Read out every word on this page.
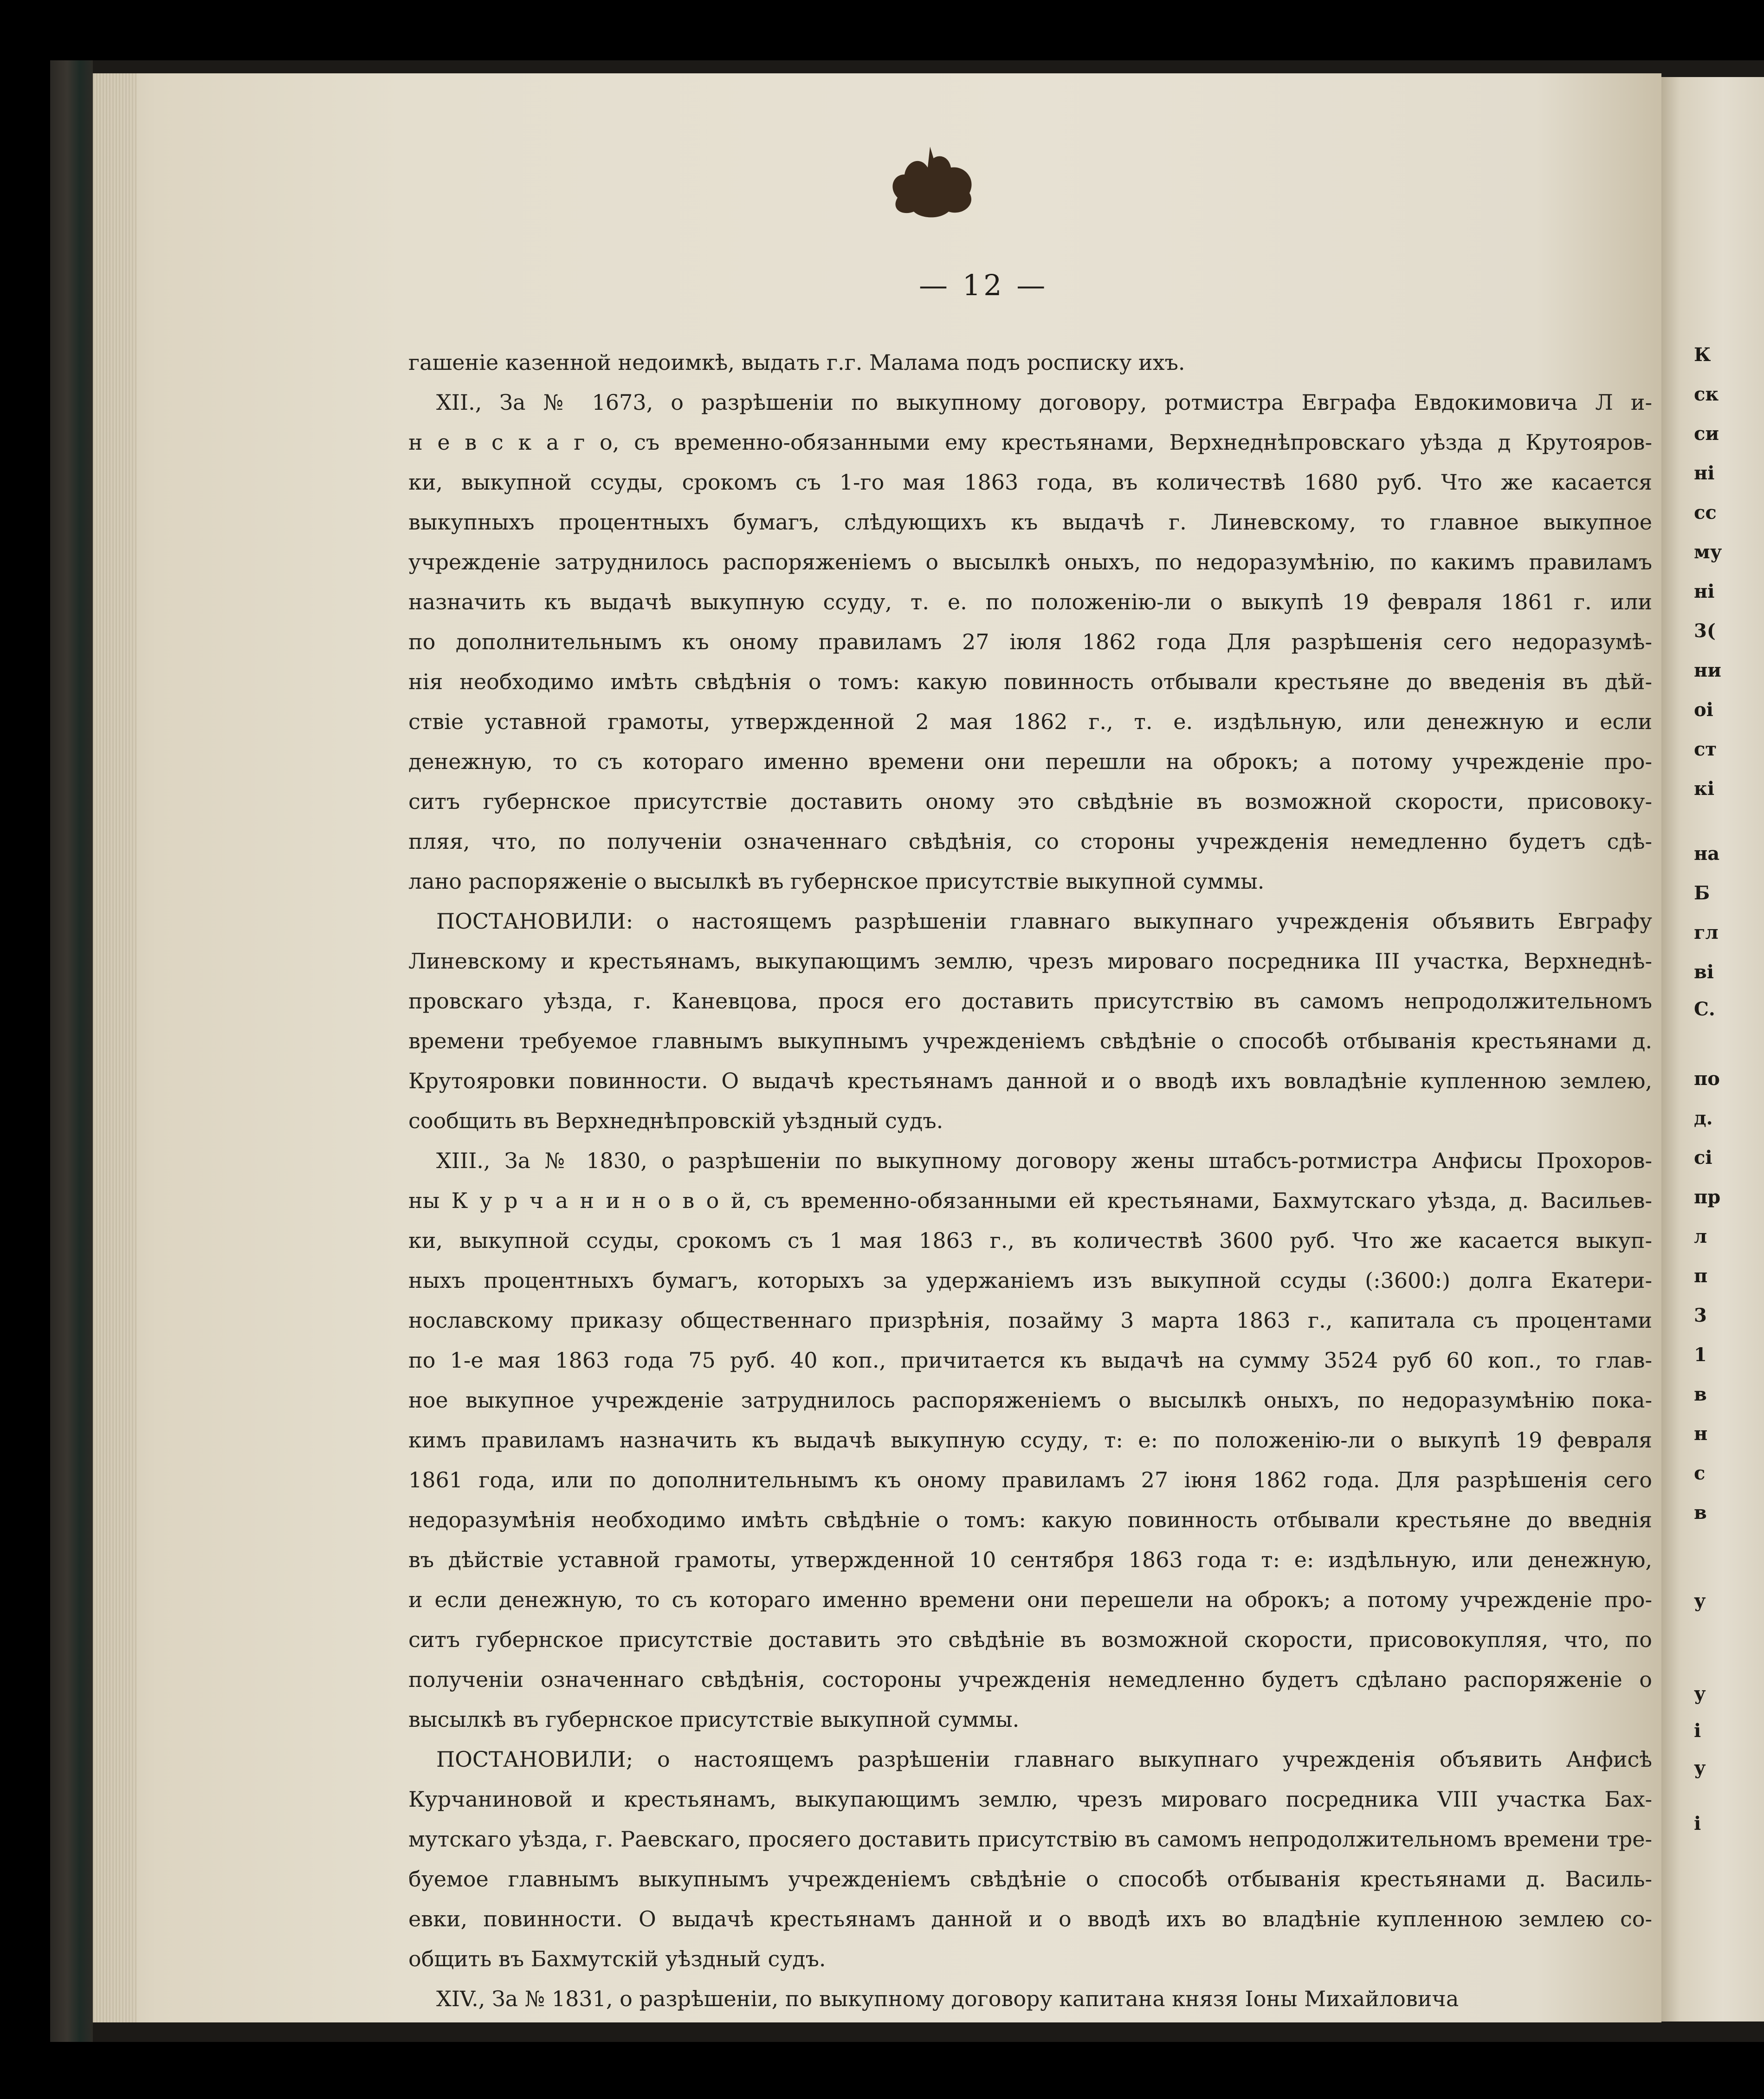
— 12 —
гашеніе казенной недоимкѣ, выдать г.г. Малама подъ росписку ихъ.
XII., За № 1673, о разрѣшеніи по выкупному договору, ротмистра Евграфа Евдокимовича Л и-
н е в с к а г о, съ временно-обязанными ему крестьянами, Верхнеднѣпровскаго уѣзда д Крутояров-
ки, выкупной ссуды, срокомъ съ 1-го мая 1863 года, въ количествѣ 1680 руб. Что же касается
выкупныхъ процентныхъ бумагъ, слѣдующихъ къ выдачѣ г. Линевскому, то главное выкупное
учрежденіе затруднилось распоряженіемъ о высылкѣ оныхъ, по недоразумѣнію, по какимъ правиламъ
назначить къ выдачѣ выкупную ссуду, т. е. по положенію-ли о выкупѣ 19 февраля 1861 г. или
по дополнительнымъ къ оному правиламъ 27 іюля 1862 года Для разрѣшенія сего недоразумѣ-
нія необходимо имѣть свѣдѣнія о томъ: какую повинность отбывали крестьяне до введенія въ дѣй-
ствіе уставной грамоты, утвержденной 2 мая 1862 г., т. е. издѣльную, или денежную и если
денежную, то съ котораго именно времени они перешли на оброкъ; а потому учрежденіе про-
ситъ губернское присутствіе доставить оному это свѣдѣніе въ возможной скорости, присовоку-
пляя, что, по полученіи означеннаго свѣдѣнія, со стороны учрежденія немедленно будетъ сдѣ-
лано распоряженіе о высылкѣ въ губернское присутствіе выкупной суммы.
ПОСТАНОВИЛИ: о настоящемъ разрѣшеніи главнаго выкупнаго учрежденія объявить Евграфу
Линевскому и крестьянамъ, выкупающимъ землю, чрезъ мироваго посредника III участка, Верхнеднѣ-
провскаго уѣзда, г. Каневцова, прося его доставить присутствію въ самомъ непродолжительномъ
времени требуемое главнымъ выкупнымъ учрежденіемъ свѣдѣніе о способѣ отбыванія крестьянами д.
Крутояровки повинности. О выдачѣ крестьянамъ данной и о вводѣ ихъ вовладѣніе купленною землею,
сообщить въ Верхнеднѣпровскій уѣздный судъ.
XIII., За № 1830, о разрѣшеніи по выкупному договору жены штабсъ-ротмистра Анфисы Прохоров-
ны К у р ч а н и н о в о й, съ временно-обязанными ей крестьянами, Бахмутскаго уѣзда, д. Васильев-
ки, выкупной ссуды, срокомъ съ 1 мая 1863 г., въ количествѣ 3600 руб. Что же касается выкуп-
ныхъ процентныхъ бумагъ, которыхъ за удержаніемъ изъ выкупной ссуды (:3600:) долга Екатери-
нославскому приказу общественнаго призрѣнія, позайму 3 марта 1863 г., капитала съ процентами
по 1-е мая 1863 года 75 руб. 40 коп., причитается къ выдачѣ на сумму 3524 руб 60 коп., то глав-
ное выкупное учрежденіе затруднилось распоряженіемъ о высылкѣ оныхъ, по недоразумѣнію пока-
кимъ правиламъ назначить къ выдачѣ выкупную ссуду, т: е: по положенію-ли о выкупѣ 19 февраля
1861 года, или по дополнительнымъ къ оному правиламъ 27 іюня 1862 года. Для разрѣшенія сего
недоразумѣнія необходимо имѣть свѣдѣніе о томъ: какую повинность отбывали крестьяне до введнія
въ дѣйствіе уставной грамоты, утвержденной 10 сентября 1863 года т: е: издѣльную, или денежную,
и если денежную, то съ котораго именно времени они перешели на оброкъ; а потому учрежденіе про-
ситъ губернское присутствіе доставить это свѣдѣніе въ возможной скорости, присовокупляя, что, по
полученіи означеннаго свѣдѣнія, состороны учрежденія немедленно будетъ сдѣлано распоряженіе о
высылкѣ въ губернское присутствіе выкупной суммы.
ПОСТАНОВИЛИ; о настоящемъ разрѣшеніи главнаго выкупнаго учрежденія объявить Анфисѣ
Курчаниновой и крестьянамъ, выкупающимъ землю, чрезъ мироваго посредника VIII участка Бах-
мутскаго уѣзда, г. Раевскаго, просяего доставить присутствію въ самомъ непродолжительномъ времени тре-
буемое главнымъ выкупнымъ учрежденіемъ свѣдѣніе о способѣ отбыванія крестьянами д. Василь-
евки, повинности. О выдачѣ крестьянамъ данной и о вводѣ ихъ во владѣніе купленною землею со-
общить въ Бахмутскій уѣздный судъ.
XIV., За № 1831, о разрѣшеніи, по выкупному договору капитана князя Іоны Михайловича
К
ск
си
ні
сс
му
ні
3(
ни
оі
ст
кі
на
Б
гл
ві
С.
по
д.
сі
пр
л
п
3
1
в
н
с
в
у
у
і
у
і
